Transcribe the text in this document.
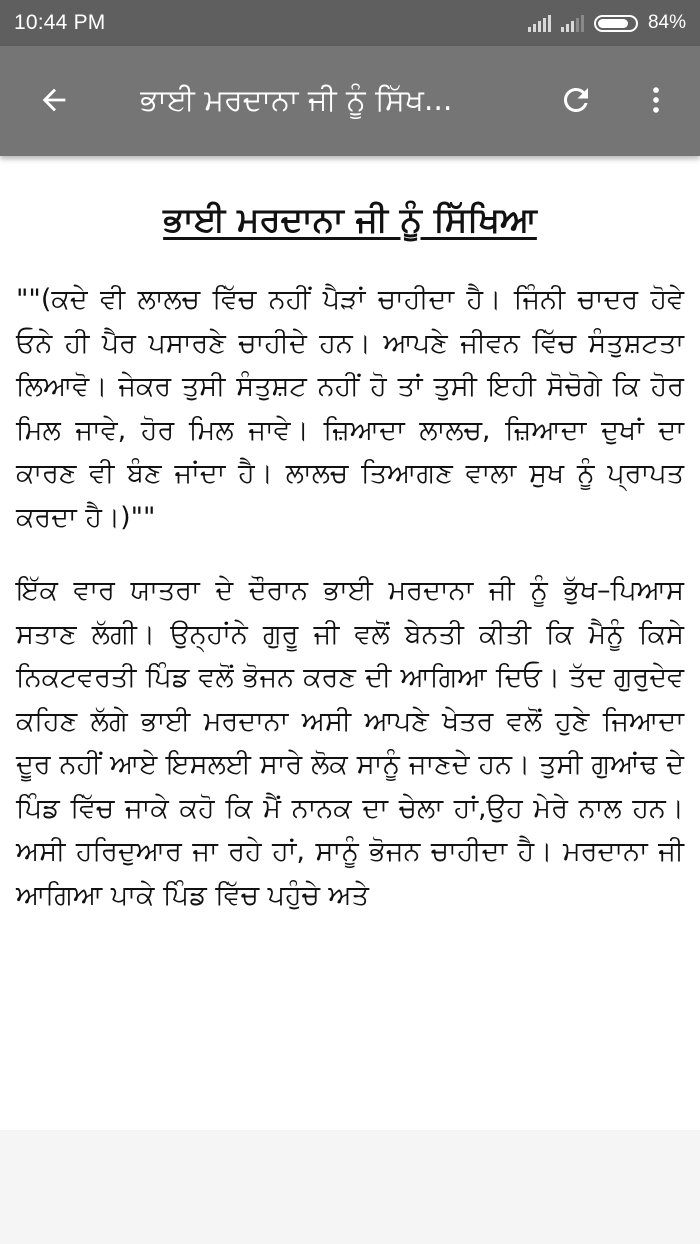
10:44 PM	84%
ਭਾਈ ਮਰਦਾਨਾ ਜੀ ਨੂੰ ਸਿੱਖ...
ਭਾਈ ਮਰਦਾਨਾ ਜੀ ਨੂੰ ਸਿੱਖਿਆ

""(ਕਦੇ ਵੀ ਲਾਲਚ ਵਿੱਚ ਨਹੀਂ ਪੈੜਾਂ ਚਾਹੀਦਾ ਹੈ। ਜਿੰਨੀ ਚਾਦਰ ਹੋਵੇ ਓਨੇ ਹੀ ਪੈਰ ਪਸਾਰਣੇ ਚਾਹੀਦੇ ਹਨ। ਆਪਣੇ ਜੀਵਨ ਵਿੱਚ ਸੰਤੁਸ਼ਟਤਾ ਲਿਆਵੋ। ਜੇਕਰ ਤੁਸੀ ਸੰਤੁਸ਼ਟ ਨਹੀਂ ਹੋ ਤਾਂ ਤੁਸੀ ਇਹੀ ਸੋਚੋਗੇ ਕਿ ਹੋਰ ਮਿਲ ਜਾਵੇ, ਹੋਰ ਮਿਲ ਜਾਵੇ। ਜ਼ਿਆਦਾ ਲਾਲਚ, ਜ਼ਿਆਦਾ ਦੁਖਾਂ ਦਾ ਕਾਰਣ ਵੀ ਬੰਣ ਜਾਂਦਾ ਹੈ। ਲਾਲਚ ਤਿਆਗਣ ਵਾਲਾ ਸੁਖ ਨੂੰ ਪ੍ਰਾਪਤ ਕਰਦਾ ਹੈ।)""

ਇੱਕ ਵਾਰ ਯਾਤਰਾ ਦੇ ਦੌਰਾਨ ਭਾਈ ਮਰਦਾਨਾ ਜੀ ਨੂੰ ਭੁੱਖ–ਪਿਆਸ ਸਤਾਣ ਲੱਗੀ। ਉਨ੍ਹਾਂਨੇ ਗੁਰੂ ਜੀ ਵਲੋਂ ਬੇਨਤੀ ਕੀਤੀ ਕਿ ਮੈਨੂੰ ਕਿਸੇ ਨਿਕਟਵਰਤੀ ਪਿੰਡ ਵਲੋਂ ਭੋਜਨ ਕਰਣ ਦੀ ਆਗਿਆ ਦਿਓ। ਤੱਦ ਗੁਰੁਦੇਵ ਕਹਿਣ ਲੱਗੇ ਭਾਈ ਮਰਦਾਨਾ ਅਸੀ ਆਪਣੇ ਖੇਤਰ ਵਲੋਂ ਹੁਣੇ ਜਿਆਦਾ ਦੂਰ ਨਹੀਂ ਆਏ ਇਸਲਈ ਸਾਰੇ ਲੋਕ ਸਾਨੂੰ ਜਾਣਦੇ ਹਨ। ਤੁਸੀ ਗੁਆਂਢ ਦੇ ਪਿੰਡ ਵਿੱਚ ਜਾਕੇ ਕਹੋ ਕਿ ਮੈਂ ਨਾਨਕ ਦਾ ਚੇਲਾ ਹਾਂ,ਉਹ ਮੇਰੇ ਨਾਲ ਹਨ। ਅਸੀ ਹਰਿਦੁਆਰ ਜਾ ਰਹੇ ਹਾਂ, ਸਾਨੂੰ ਭੋਜਨ ਚਾਹੀਦਾ ਹੈ। ਮਰਦਾਨਾ ਜੀ ਆਗਿਆ ਪਾਕੇ ਪਿੰਡ ਵਿੱਚ ਪਹੁੰਚੇ ਅਤੇ
